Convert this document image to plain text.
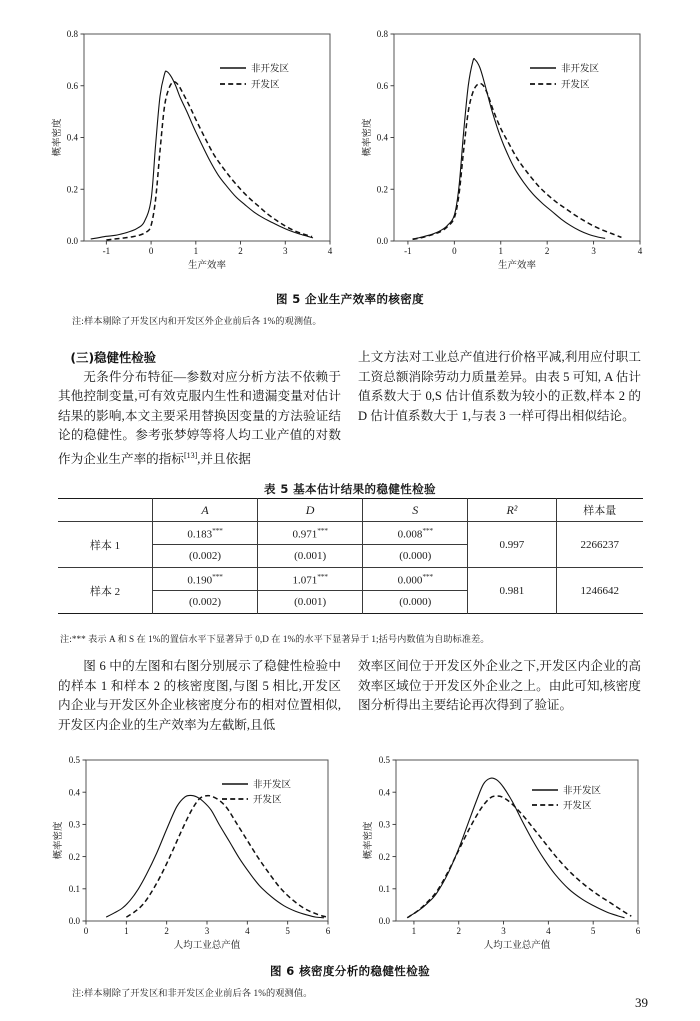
0.0
0.2
0.4
0.6
0.8
-1	0	1	2	3	4
生产效率
概率密度
非开发区
开发区
0.0
0.2
0.4
0.6
0.8
-1	0	1	2	3	4
生产效率
概率密度
非开发区
开发区
图 5 企业生产效率的核密度
注:样本剔除了开发区内和开发区外企业前后各 1%的观测值。

(三)稳健性检验

无条件分布特征—参数对应分析方法不依赖于其他控制变量,可有效克服内生性和遗漏变量对估计结果的影响,本文主要采用替换因变量的方法验证结论的稳健性。参考张梦婷等将人均工业产值的对数作为企业生产率的指标[13],并且依据

上文方法对工业总产值进行价格平减,利用应付职工工资总额消除劳动力质量差异。由表 5 可知, A 估计值系数大于 0,S 估计值系数为较小的正数,样本 2 的 D 估计值系数大于 1,与表 3 一样可得出相似结论。

表 5 基本估计结果的稳健性检验
	A	D	S	R²	样本量
样本 1	0.183***	0.971***	0.008***	0.997	2266237
	(0.002)	(0.001)	(0.000)		
样本 2	0.190***	1.071***	0.000***	0.981	1246642
	(0.002)	(0.001)	(0.000)		
注:*** 表示 A 和 S 在 1%的置信水平下显著异于 0,D 在 1%的水平下显著异于 1;括号内数值为自助标准差。

图 6 中的左图和右图分别展示了稳健性检验中的样本 1 和样本 2 的核密度图,与图 5 相比,开发区内企业与开发区外企业核密度分布的相对位置相似,开发区内企业的生产效率为左截断,且低

效率区间位于开发区外企业之下,开发区内企业的高效率区域位于开发区外企业之上。由此可知,核密度图分析得出主要结论再次得到了验证。

0.0
0.1
0.2
0.3
0.4
0.5
0	1	2	3	4	5	6
人均工业总产值
概率密度
非开发区
开发区
0.0
0.1
0.2
0.3
0.4
0.5
1	2	3	4	5	6
人均工业总产值
概率密度
非开发区
开发区
图 6 核密度分析的稳健性检验
注:样本剔除了开发区和非开发区企业前后各 1%的观测值。
39
